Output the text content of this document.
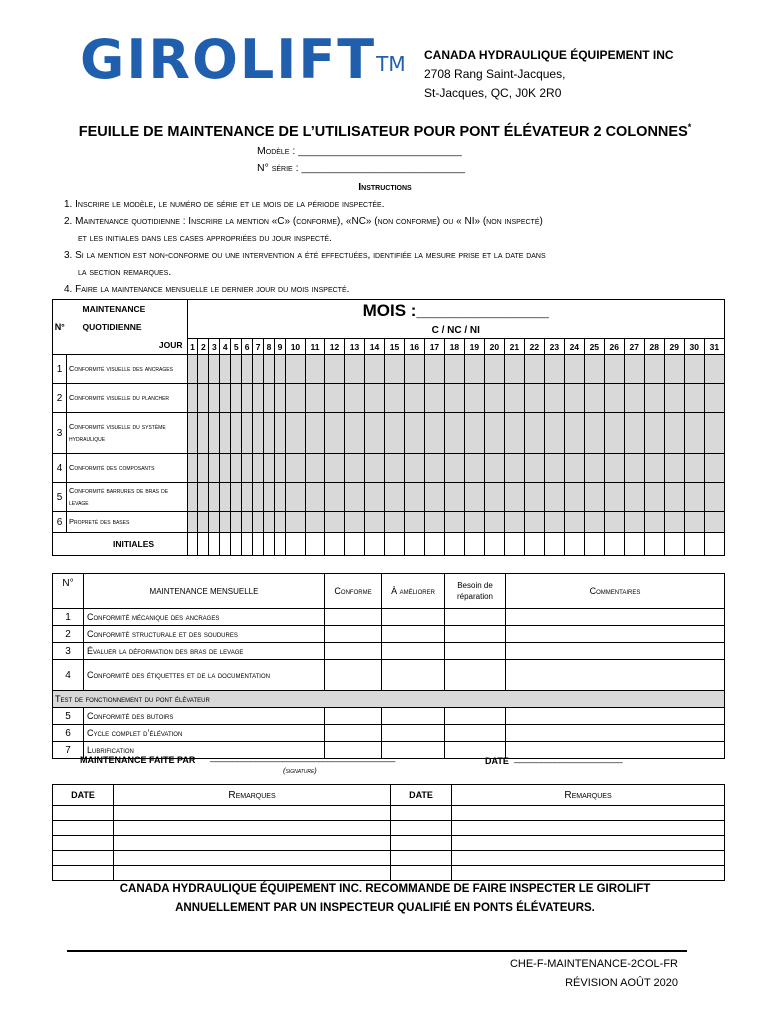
GIROLIFT™ CANADA HYDRAULIQUE ÉQUIPEMENT INC
2708 Rang Saint-Jacques,
St-Jacques, QC, J0K 2R0
FEUILLE DE MAINTENANCE DE L’UTILISATEUR POUR PONT ÉLÉVATEUR 2 COLONNES*
Modèle : ____________________________
N° série : ____________________________
Instructions
1. Inscrire le modèle, le numéro de série et le mois de la période inspectée.
2. Maintenance quotidienne : Inscrire la mention «C» (conforme), «NC» (non conforme) ou « NI» (non inspecté)
et les initiales dans les cases appropriées du jour inspecté.
3. Si la mention est non-conforme ou une intervention a été effectuées, identifiée la mesure prise et la date dans
la section remarques.
4. Faire la maintenance mensuelle le dernier jour du mois inspecté.
N°	MAINTENANCE
QUOTIDIENNE
JOUR	MOIS :______________																														
		C / NC / NI																														
		1	2	3	4	5	6	7	8	9	10	11	12	13	14	15	16	17	18	19	20	21	22	23	24	25	26	27	28	29	30	31
1	Conformité visuelle des ancrages																															
2	Conformité visuelle du plancher																															
3	Conformité visuelle du système hydraulique																															
4	Conformité des composants																															
5	Conformité barrures de bras de levage																															
6	Propreté des bases																															
INITIALES																																
N°	MAINTENANCE MENSUELLE	Conforme	À améliorer	Besoin de
réparation	Commentaires
1	Conformité mécanique des ancrages				
2	Conformité structurale et des soudures				
3	Évaluer la déformation des bras de levage				
4	Conformité des étiquettes et de la documentation				
Test de fonctionnement du pont élévateur					
5	Conformité des butoirs				
6	Cycle complet d’élévation				
7	Lubrification				
MAINTENANCE FAITE PAR _________________________________________
(signature)
DATE ________________________
DATE	Remarques	DATE	Remarques

CANADA HYDRAULIQUE ÉQUIPEMENT INC. RECOMMANDE DE FAIRE INSPECTER LE GIROLIFT
ANNUELLEMENT PAR UN INSPECTEUR QUALIFIÉ EN PONTS ÉLÉVATEURS.
CHE-F-MAINTENANCE-2COL-FR
RÉVISION AOÛT 2020
